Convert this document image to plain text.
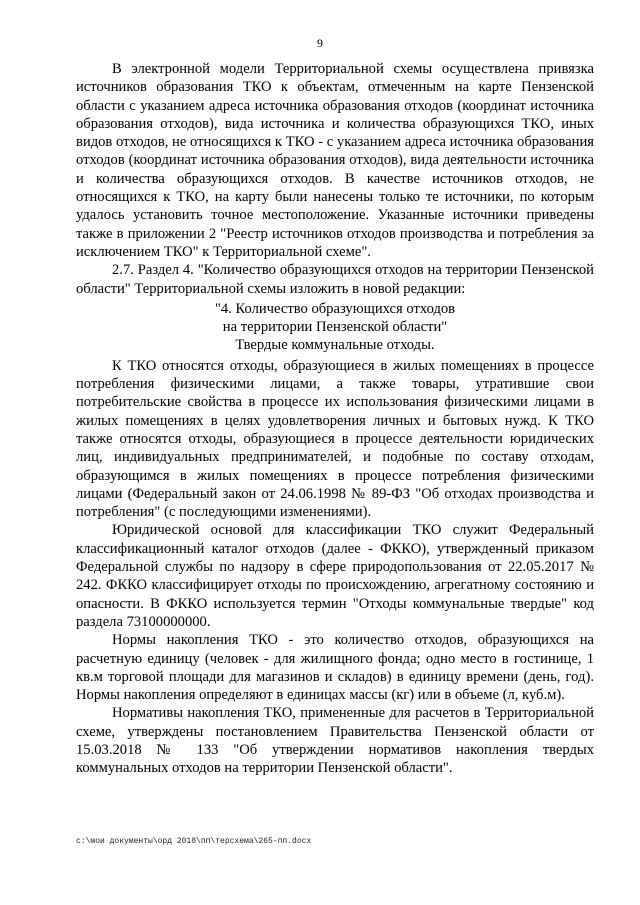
9

В электронной модели Территориальной схемы осуществлена привязка источников образования ТКО к объектам, отмеченным на карте Пензенской области с указанием адреса источника образования отходов (координат источника образования отходов), вида источника и количества образующихся ТКО, иных видов отходов, не относящихся к ТКО - с указанием адреса источника образования отходов (координат источника образования отходов), вида деятельности источника и количества образующихся отходов. В качестве источников отходов, не относящихся к ТКО, на карту были нанесены только те источники, по которым удалось установить точное местоположение. Указанные источники приведены также в приложении 2 "Реестр источников отходов производства и потребления за исключением ТКО" к Территориальной схеме".

2.7. Раздел 4. "Количество образующихся отходов на территории Пензенской области" Территориальной схемы изложить в новой редакции:

"4. Количество образующихся отходов
на территории Пензенской области"
Твердые коммунальные отходы.

К ТКО относятся отходы, образующиеся в жилых помещениях в процессе потребления физическими лицами, а также товары, утратившие свои потребительские свойства в процессе их использования физическими лицами в жилых помещениях в целях удовлетворения личных и бытовых нужд. К ТКО также относятся отходы, образующиеся в процессе деятельности юридических лиц, индивидуальных предпринимателей, и подобные по составу отходам, образующимся в жилых помещениях в процессе потребления физическими лицами (Федеральный закон от 24.06.1998 № 89-ФЗ "Об отходах производства и потребления" (с последующими изменениями).

Юридической основой для классификации ТКО служит Федеральный классификационный каталог отходов (далее - ФККО), утвержденный приказом Федеральной службы по надзору в сфере природопользования от 22.05.2017 № 242. ФККО классифицирует отходы по происхождению, агрегатному состоянию и опасности. В ФККО используется термин "Отходы коммунальные твердые" код раздела 73100000000.

Нормы накопления ТКО - это количество отходов, образующихся на расчетную единицу (человек - для жилищного фонда; одно место в гостинице, 1 кв.м торговой площади для магазинов и складов) в единицу времени (день, год). Нормы накопления определяют в единицах массы (кг) или в объеме (л, куб.м).

Нормативы накопления ТКО, примененные для расчетов в Территориальной схеме, утверждены постановлением Правительства Пензенской области от 15.03.2018 № 133 "Об утверждении нормативов накопления твердых коммунальных отходов на территории Пензенской области".

c:\мои документы\орд 2018\пп\терсхема\265-пп.docx
